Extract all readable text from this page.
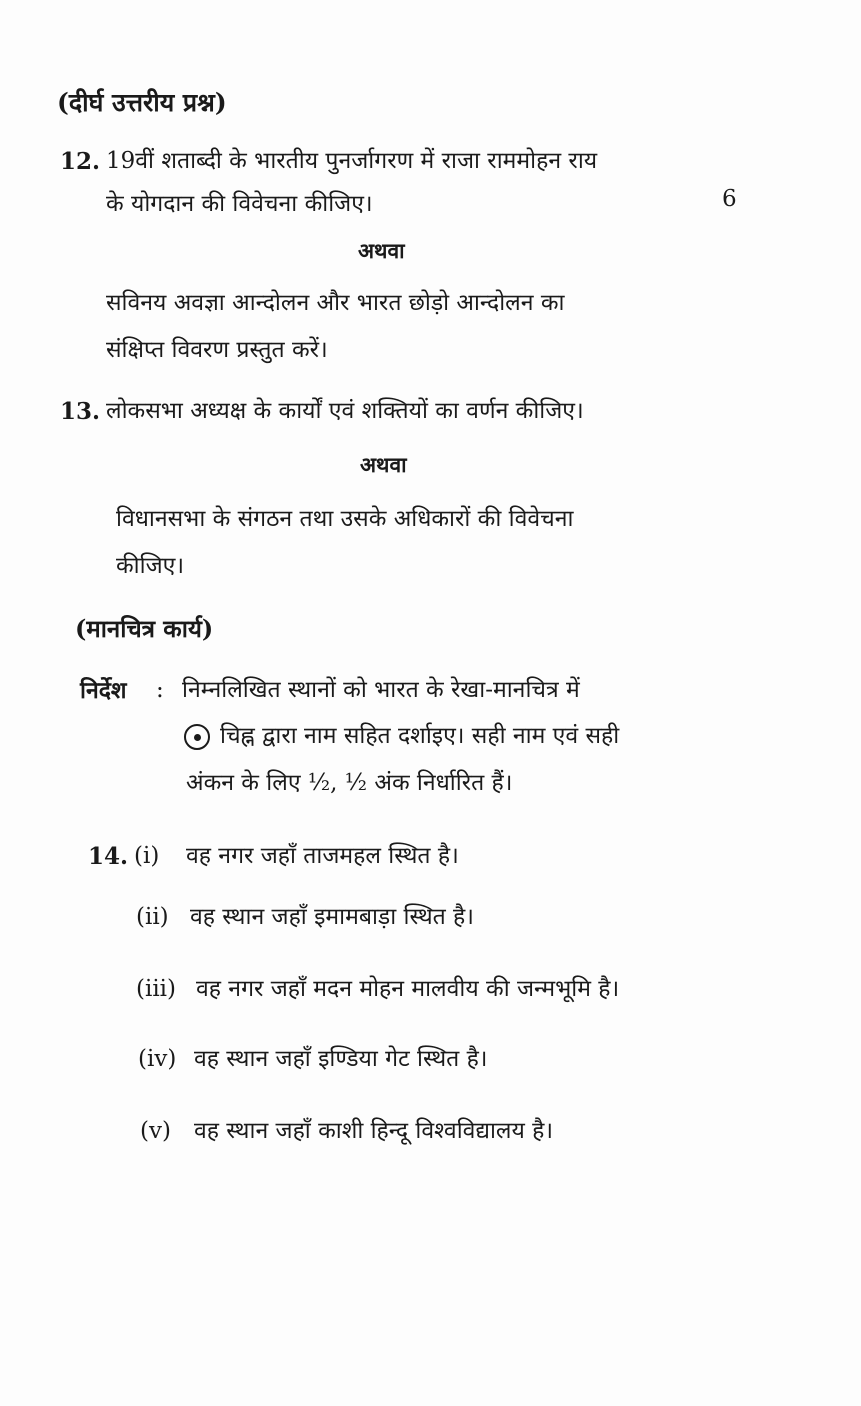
(दीर्घ उत्तरीय प्रश्न)
12. 19वीं शताब्दी के भारतीय पुनर्जागरण में राजा राममोहन राय
के योगदान की विवेचना कीजिए।	6
अथवा
सविनय अवज्ञा आन्दोलन और भारत छोड़ो आन्दोलन का
संक्षिप्त विवरण प्रस्तुत करें।
13. लोकसभा अध्यक्ष के कार्यों एवं शक्तियों का वर्णन कीजिए।
अथवा
विधानसभा के संगठन तथा उसके अधिकारों की विवेचना
कीजिए।
(मानचित्र कार्य)
निर्देश : निम्नलिखित स्थानों को भारत के रेखा-मानचित्र में
चिह्न द्वारा नाम सहित दर्शाइए। सही नाम एवं सही
अंकन के लिए ½, ½ अंक निर्धारित हैं।
14. (i) वह नगर जहाँ ताजमहल स्थित है।
(ii) वह स्थान जहाँ इमामबाड़ा स्थित है।
(iii) वह नगर जहाँ मदन मोहन मालवीय की जन्मभूमि है।
(iv) वह स्थान जहाँ इण्डिया गेट स्थित है।
(v) वह स्थान जहाँ काशी हिन्दू विश्वविद्यालय है।
